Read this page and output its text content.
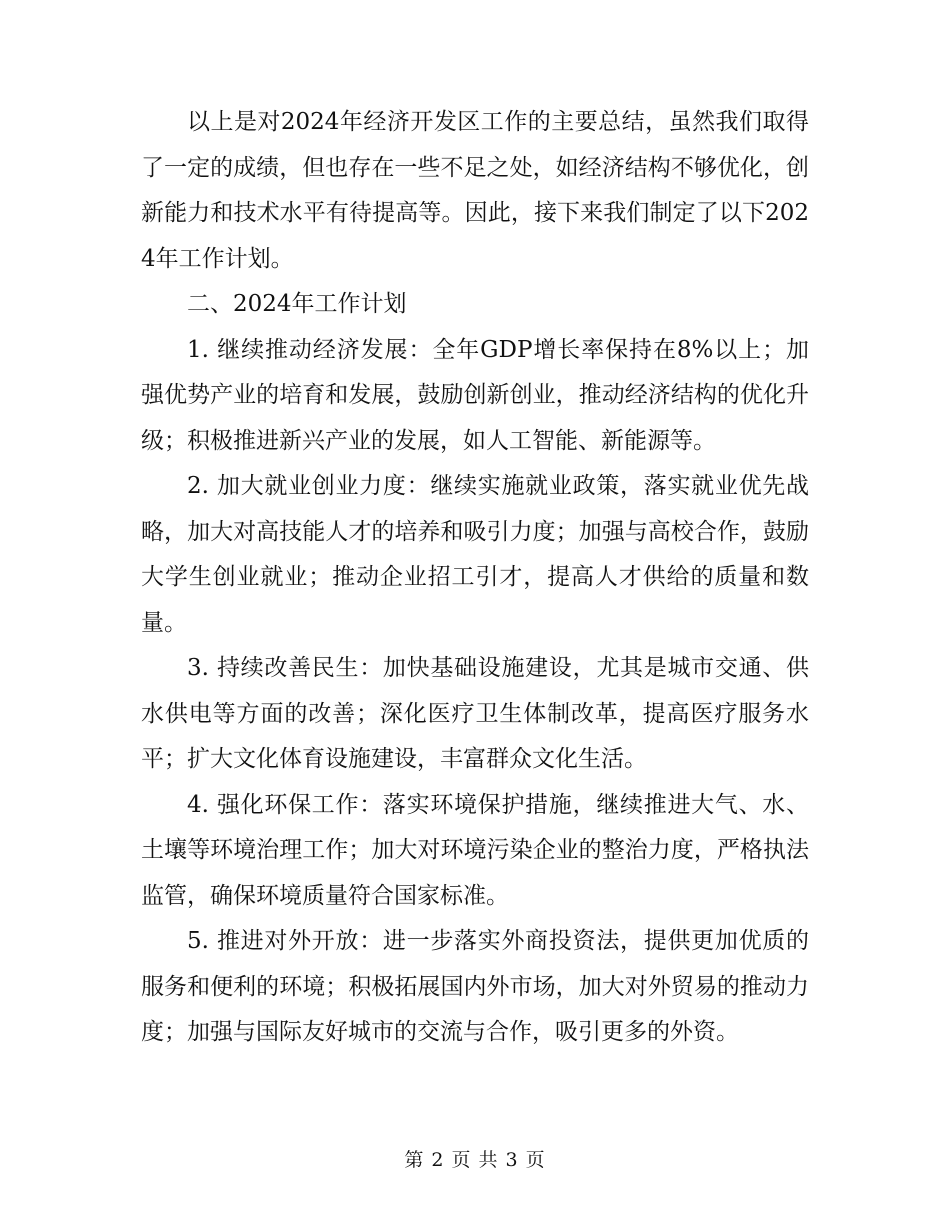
以上是对2024年经济开发区工作的主要总结，虽然我们取得了一定的成绩，但也存在一些不足之处，如经济结构不够优化，创新能力和技术水平有待提高等。因此，接下来我们制定了以下2024年工作计划。

二、2024年工作计划

1. 继续推动经济发展：全年GDP增长率保持在8%以上；加强优势产业的培育和发展，鼓励创新创业，推动经济结构的优化升级；积极推进新兴产业的发展，如人工智能、新能源等。

2. 加大就业创业力度：继续实施就业政策，落实就业优先战略，加大对高技能人才的培养和吸引力度；加强与高校合作，鼓励大学生创业就业；推动企业招工引才，提高人才供给的质量和数量。

3. 持续改善民生：加快基础设施建设，尤其是城市交通、供水供电等方面的改善；深化医疗卫生体制改革，提高医疗服务水平；扩大文化体育设施建设，丰富群众文化生活。

4. 强化环保工作：落实环境保护措施，继续推进大气、水、土壤等环境治理工作；加大对环境污染企业的整治力度，严格执法监管，确保环境质量符合国家标准。

5. 推进对外开放：进一步落实外商投资法，提供更加优质的服务和便利的环境；积极拓展国内外市场，加大对外贸易的推动力度；加强与国际友好城市的交流与合作，吸引更多的外资。

第 2 页 共 3 页
